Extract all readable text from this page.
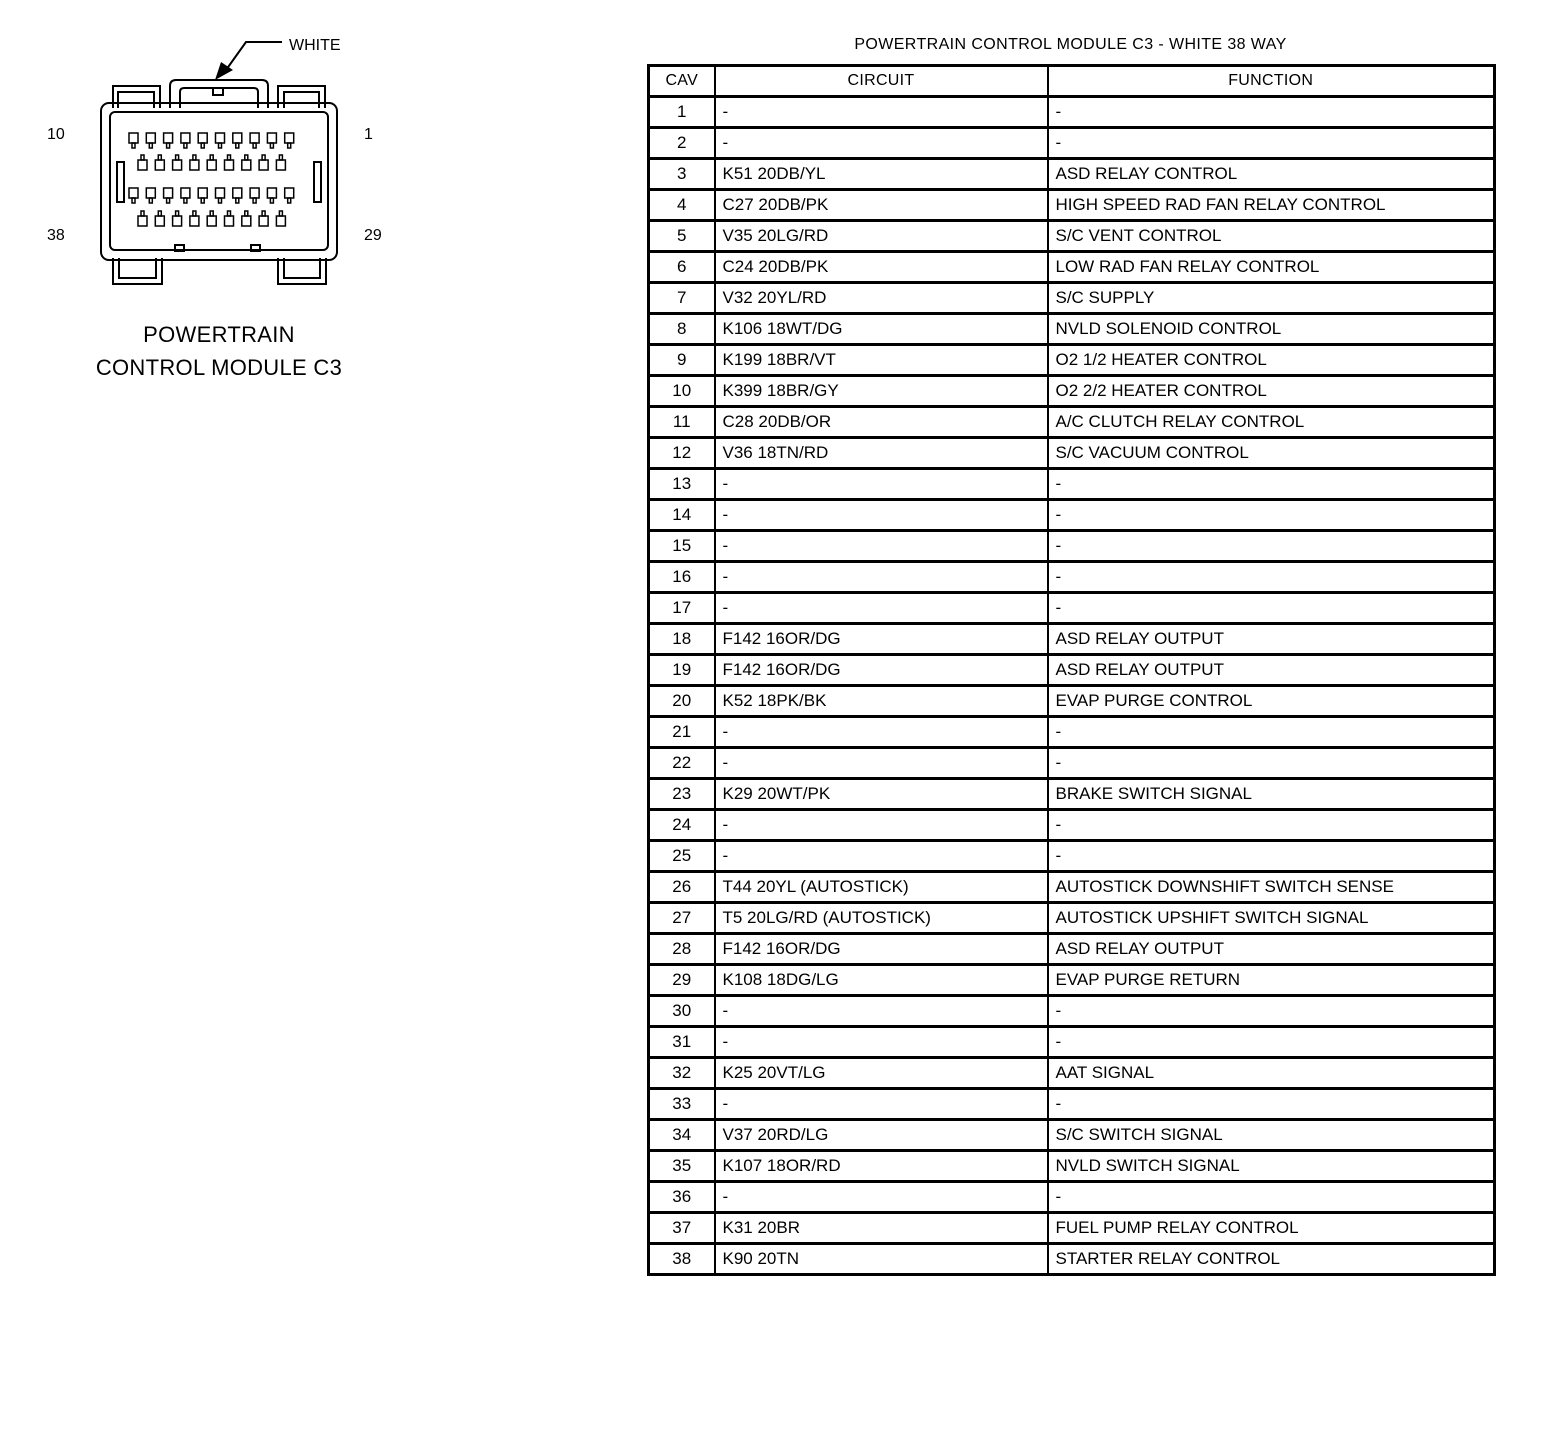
WHITE
10	1
38	29
POWERTRAIN
CONTROL MODULE C3
POWERTRAIN CONTROL MODULE C3 - WHITE 38 WAY
CAV	CIRCUIT	FUNCTION
1	-	-
2	-	-
3	K51 20DB/YL	ASD RELAY CONTROL
4	C27 20DB/PK	HIGH SPEED RAD FAN RELAY CONTROL
5	V35 20LG/RD	S/C VENT CONTROL
6	C24 20DB/PK	LOW RAD FAN RELAY CONTROL
7	V32 20YL/RD	S/C SUPPLY
8	K106 18WT/DG	NVLD SOLENOID CONTROL
9	K199 18BR/VT	O2 1/2 HEATER CONTROL
10	K399 18BR/GY	O2 2/2 HEATER CONTROL
11	C28 20DB/OR	A/C CLUTCH RELAY CONTROL
12	V36 18TN/RD	S/C VACUUM CONTROL
13	-	-
14	-	-
15	-	-
16	-	-
17	-	-
18	F142 16OR/DG	ASD RELAY OUTPUT
19	F142 16OR/DG	ASD RELAY OUTPUT
20	K52 18PK/BK	EVAP PURGE CONTROL
21	-	-
22	-	-
23	K29 20WT/PK	BRAKE SWITCH SIGNAL
24	-	-
25	-	-
26	T44 20YL (AUTOSTICK)	AUTOSTICK DOWNSHIFT SWITCH SENSE
27	T5 20LG/RD (AUTOSTICK)	AUTOSTICK UPSHIFT SWITCH SIGNAL
28	F142 16OR/DG	ASD RELAY OUTPUT
29	K108 18DG/LG	EVAP PURGE RETURN
30	-	-
31	-	-
32	K25 20VT/LG	AAT SIGNAL
33	-	-
34	V37 20RD/LG	S/C SWITCH SIGNAL
35	K107 18OR/RD	NVLD SWITCH SIGNAL
36	-	-
37	K31 20BR	FUEL PUMP RELAY CONTROL
38	K90 20TN	STARTER RELAY CONTROL
